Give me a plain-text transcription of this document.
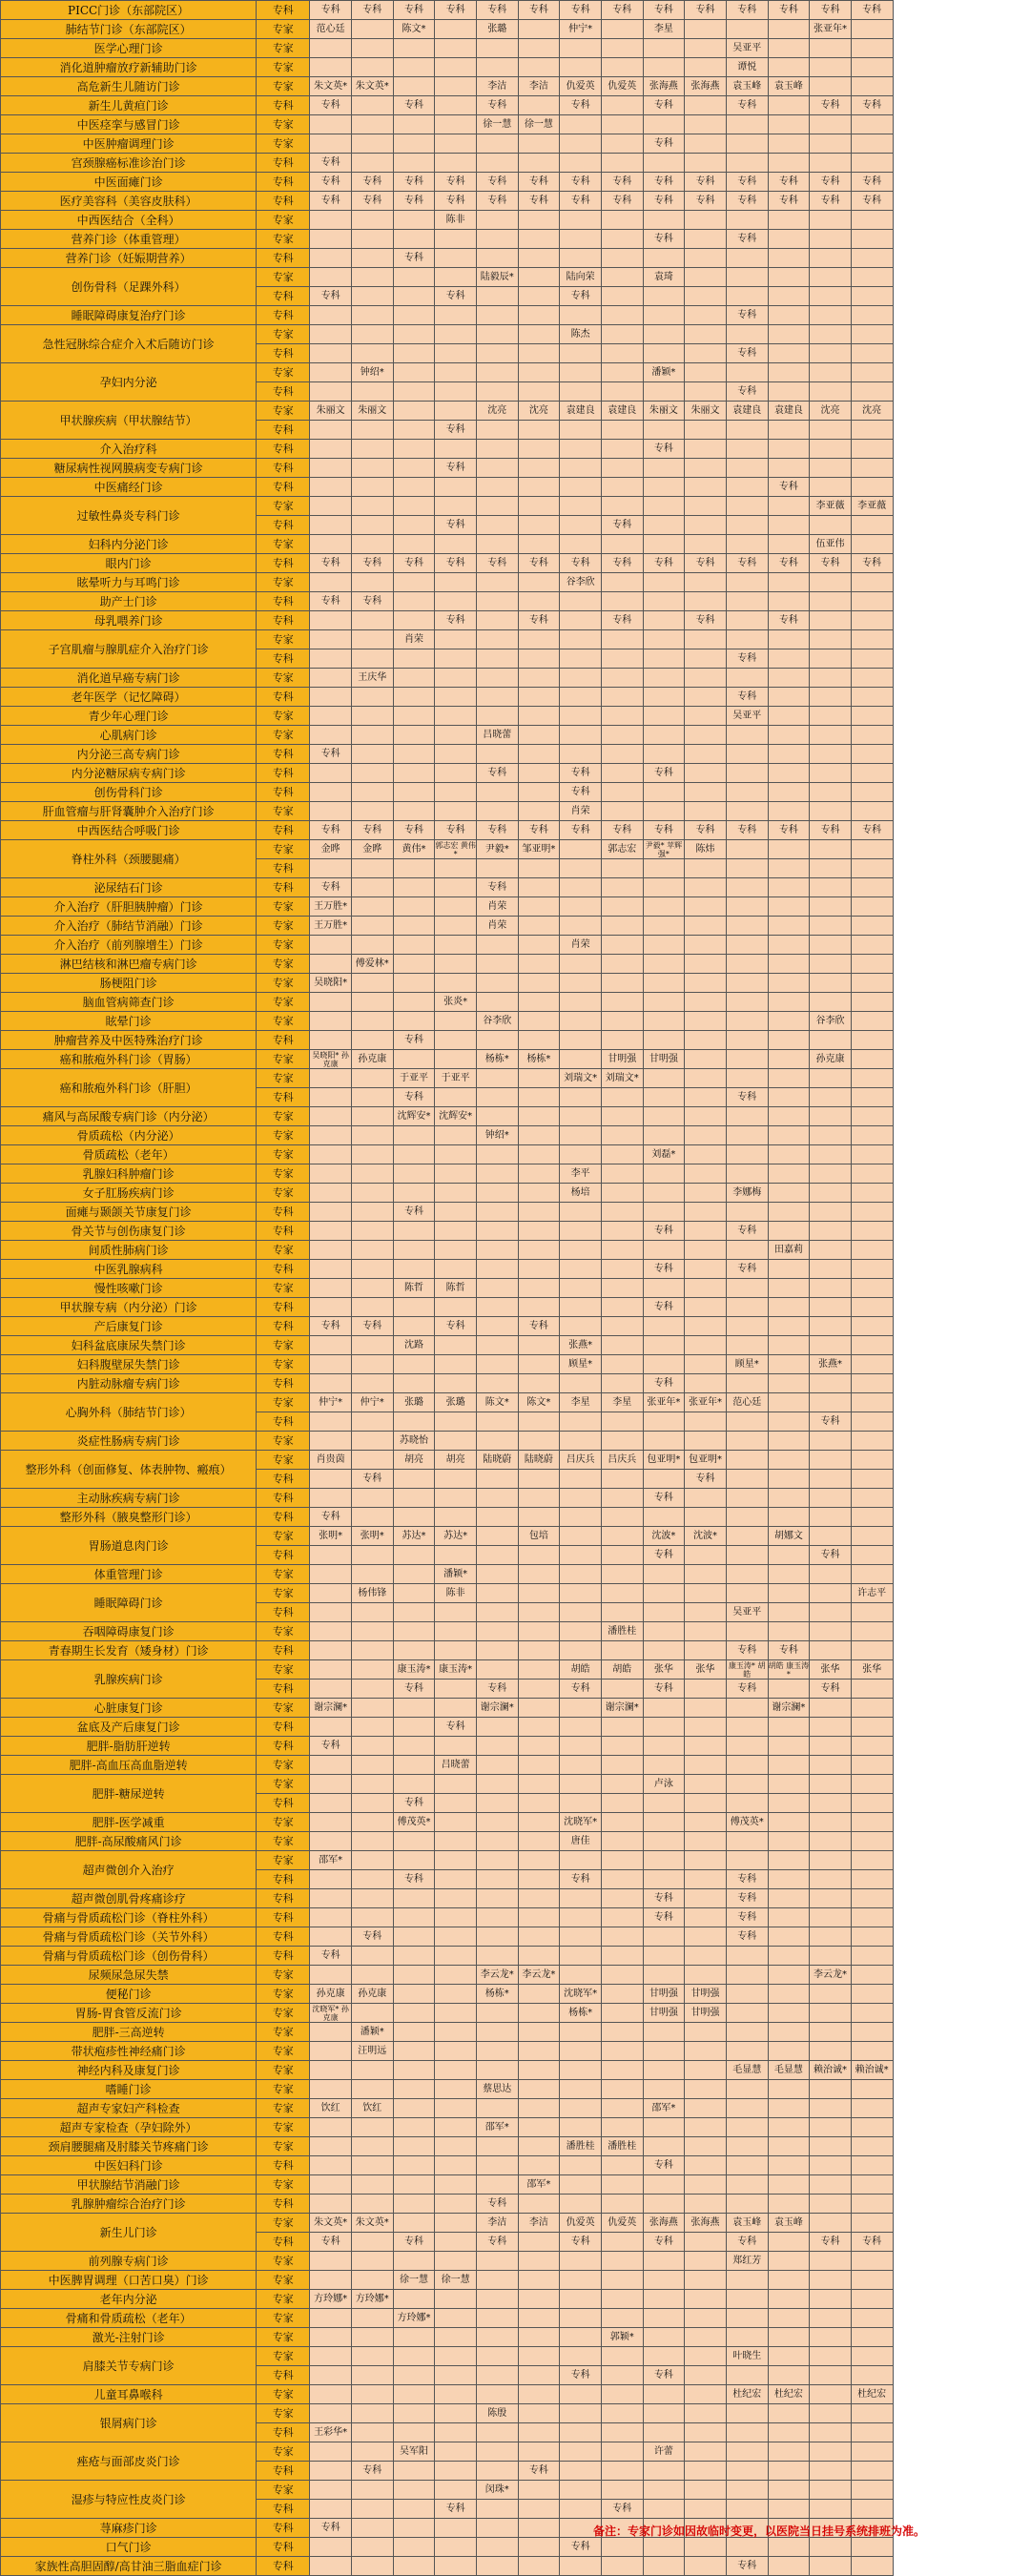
PICC门诊（东部院区）	专科	专科	专科	专科	专科	专科	专科	专科	专科	专科	专科	专科	专科	专科	专科
肺结节门诊（东部院区）	专家	范心廷		陈文*		张璐		仲宁*		李星				张亚年*	
医学心理门诊	专家											吴亚平			
消化道肿瘤放疗新辅助门诊	专家											谭悦			
高危新生儿随访门诊	专家	朱文英*	朱文英*			李洁	李洁	仇爱英	仇爱英	张海燕	张海燕	袁玉峰	袁玉峰		
新生儿黄疸门诊	专科	专科		专科		专科		专科		专科		专科		专科	专科
中医痉挛与感冒门诊	专家					徐一慧	徐一慧								
中医肿瘤调理门诊	专家									专科					
宫颈腺癌标准诊治门诊	专科	专科													
中医面瘫门诊	专科	专科	专科	专科	专科	专科	专科	专科	专科	专科	专科	专科	专科	专科	专科
医疗美容科（美容皮肤科）	专科	专科	专科	专科	专科	专科	专科	专科	专科	专科	专科	专科	专科	专科	专科
中西医结合（全科）	专家				陈非										
营养门诊（体重管理）	专家									专科		专科			
营养门诊（妊娠期营养）	专科			专科											
创伤骨科（足踝外科）	专家					陆毅辰*		陆向荣		袁琦					
	专科	专科			专科			专科							
睡眠障碍康复治疗门诊	专科											专科			
急性冠脉综合症介入术后随访门诊	专家							陈杰							
	专科											专科			
孕妇内分泌	专家		钟绍*							潘颖*					
	专科											专科			
甲状腺疾病（甲状腺结节）	专家	朱丽文	朱丽文			沈亮	沈亮	袁建良	袁建良	朱丽文	朱丽文	袁建良	袁建良	沈亮	沈亮
	专科				专科										
介入治疗科	专科									专科					
糖尿病性视网膜病变专病门诊	专科				专科										
中医痛经门诊	专科												专科		
过敏性鼻炎专科门诊	专家													李亚薇	李亚薇
	专科				专科				专科						
妇科内分泌门诊	专家													伍亚伟	
眼内门诊	专科	专科	专科	专科	专科	专科	专科	专科	专科	专科	专科	专科	专科	专科	专科
眩晕听力与耳鸣门诊	专家							谷李欣							
助产士门诊	专科	专科	专科												
母乳喂养门诊	专科				专科		专科		专科		专科		专科		
子宫肌瘤与腺肌症介入治疗门诊	专家			肖荣											
	专科											专科			
消化道早癌专病门诊	专家		王庆华												
老年医学（记忆障碍）	专科											专科			
青少年心理门诊	专家											吴亚平			
心肌病门诊	专家					吕晓蕾									
内分泌三高专病门诊	专科	专科													
内分泌糖尿病专病门诊	专科					专科		专科		专科					
创伤骨科门诊	专科							专科							
肝血管瘤与肝肾囊肿介入治疗门诊	专家							肖荣							
中西医结合呼吸门诊	专科	专科	专科	专科	专科	专科	专科	专科	专科	专科	专科	专科	专科	专科	专科
脊柱外科（颈腰腿痛）	专家	金晔	金晔	黄伟*	郭志宏 黄伟*	尹毅*	邹亚明*		郭志宏	尹毅* 苹辉强*	陈炜				
	专科														
泌尿结石门诊	专科	专科				专科									
介入治疗（肝胆胰肿瘤）门诊	专家	王万胜*				肖荣									
介入治疗（肺结节消融）门诊	专家	王万胜*				肖荣									
介入治疗（前列腺增生）门诊	专家							肖荣							
淋巴结核和淋巴瘤专病门诊	专家		傅爱林*												
肠梗阻门诊	专家	吴晓阳*													
脑血管病筛查门诊	专家				张炎*										
眩晕门诊	专家					谷李欣								谷李欣	
肿瘤营养及中医特殊治疗门诊	专科			专科											
癌和脓疱外科门诊（胃肠）	专家	吴晓阳* 孙克康	孙克康			杨栋*	杨栋*		甘明强	甘明强				孙克康	
癌和脓疱外科门诊（肝胆）	专家			于亚平	于亚平			刘瑞文*	刘瑞文*						
	专科			专科								专科			
痛风与高尿酸专病门诊（内分泌）	专家			沈辉安*	沈辉安*										
骨质疏松（内分泌）	专家					钟绍*									
骨质疏松（老年）	专家									刘磊*					
乳腺妇科肿瘤门诊	专家							李平							
女子肛肠疾病门诊	专家							杨培				李娜梅			
面瘫与颞颌关节康复门诊	专科			专科											
骨关节与创伤康复门诊	专科									专科		专科			
间质性肺病门诊	专家												田嘉莉		
中医乳腺病科	专科									专科		专科			
慢性咳嗽门诊	专家			陈哲	陈哲										
甲状腺专病（内分泌）门诊	专科									专科					
产后康复门诊	专科	专科	专科		专科		专科								
妇科盆底康尿失禁门诊	专家			沈路				张燕*							
妇科腹壁尿失禁门诊	专家							顾星*				顾星*		张燕*	
内脏动脉瘤专病门诊	专科									专科					
心胸外科（肺结节门诊）	专家	仲宁*	仲宁*	张璐	张璐	陈文*	陈文*	李星	李星	张亚年*	张亚年*	范心廷			
	专科													专科	
炎症性肠病专病门诊	专家			苏晓怡											
整形外科（创面修复、体表肿物、瘢痕）	专家	肖贵茵		胡亮	胡亮	陆晓蔚	陆晓蔚	吕庆兵	吕庆兵	包亚明*	包亚明*				
	专科		专科								专科				
主动脉疾病专病门诊	专科									专科					
整形外科（腋臭整形门诊）	专科	专科													
胃肠道息肉门诊	专家	张明*	张明*	苏达*	苏达*		包培			沈波*	沈波*		胡娜文		
	专科									专科				专科	
体重管理门诊	专家				潘颖*										
睡眠障碍门诊	专家		杨伟锋		陈非										许志平
	专科											吴亚平			
吞咽障碍康复门诊	专家								潘胜桂						
青春期生长发育（矮身材）门诊	专科											专科	专科		
乳腺疾病门诊	专家			康玉涛*	康玉涛*			胡皓	胡皓	张华	张华	康玉涛* 胡皓	胡皓 康玉涛*	张华	张华
	专科			专科		专科		专科		专科		专科		专科	
心脏康复门诊	专家	谢宗澜*				谢宗澜*			谢宗澜*				谢宗澜*		
盆底及产后康复门诊	专科				专科										
肥胖-脂肪肝逆转	专科	专科													
肥胖-高血压高血脂逆转	专家				吕晓蕾										
肥胖-糖尿逆转	专家									卢泳					
	专科			专科											
肥胖-医学减重	专家			傅茂英*				沈晓军*				傅茂英*			
肥胖-高尿酸痛风门诊	专家							唐佳							
超声微创介入治疗	专家	邵军*													
	专科			专科				专科				专科			
超声微创肌骨疼痛诊疗	专科									专科		专科			
骨痛与骨质疏松门诊（脊柱外科）	专科									专科		专科			
骨痛与骨质疏松门诊（关节外科）	专科		专科									专科			
骨痛与骨质疏松门诊（创伤骨科）	专科	专科													
尿频尿急尿失禁	专家					李云龙*	李云龙*							李云龙*	
便秘门诊	专家	孙克康	孙克康			杨栋*		沈晓军*		甘明强	甘明强				
胃肠-胃食管反流门诊	专家	沈晓军* 孙克康						杨栋*		甘明强	甘明强				
肥胖-三高逆转	专家		潘颖*												
带状疱疹性神经痛门诊	专家		汪明远												
神经内科及康复门诊	专家											毛显慧	毛显慧	赖治诚*	赖治诚*
嗜睡门诊	专家					蔡思达									
超声专家妇产科检查	专家	饮红	饮红							邵军*					
超声专家检查（孕妇除外）	专家					邵军*									
颈肩腰腿痛及肘膝关节疼痛门诊	专家							潘胜桂	潘胜桂						
中医妇科门诊	专科									专科					
甲状腺结节消融门诊	专家						邵军*								
乳腺肿瘤综合治疗门诊	专科					专科									
新生儿门诊	专家	朱文英*	朱文英*			李洁	李洁	仇爱英	仇爱英	张海燕	张海燕	袁玉峰	袁玉峰		
	专科	专科		专科		专科		专科		专科		专科		专科	专科
前列腺专病门诊	专家											郑红芳			
中医脾胃调理（口苦口臭）门诊	专家			徐一慧	徐一慧										
老年内分泌	专家	方玲娜*	方玲娜*												
骨痛和骨质疏松（老年）	专家			方玲娜*											
激光-注射门诊	专家								郭颖*						
肩膝关节专病门诊	专家											叶晓生			
	专科							专科		专科					
儿童耳鼻喉科	专家											杜纪宏	杜纪宏		杜纪宏
银屑病门诊	专家					陈殷									
	专科	王彩华*													
痤疮与面部皮炎门诊	专家			吴军阳						许蕾					
	专科		专科				专科								
湿疹与特应性皮炎门诊	专家					闵珠*									
	专科				专科				专科						
荨麻疹门诊	专科	专科													
口气门诊	专科							专科							
家族性高胆固醇/高甘油三脂血症门诊	专科											专科			
备注：专家门诊如因故临时变更，以医院当日挂号系统排班为准。
